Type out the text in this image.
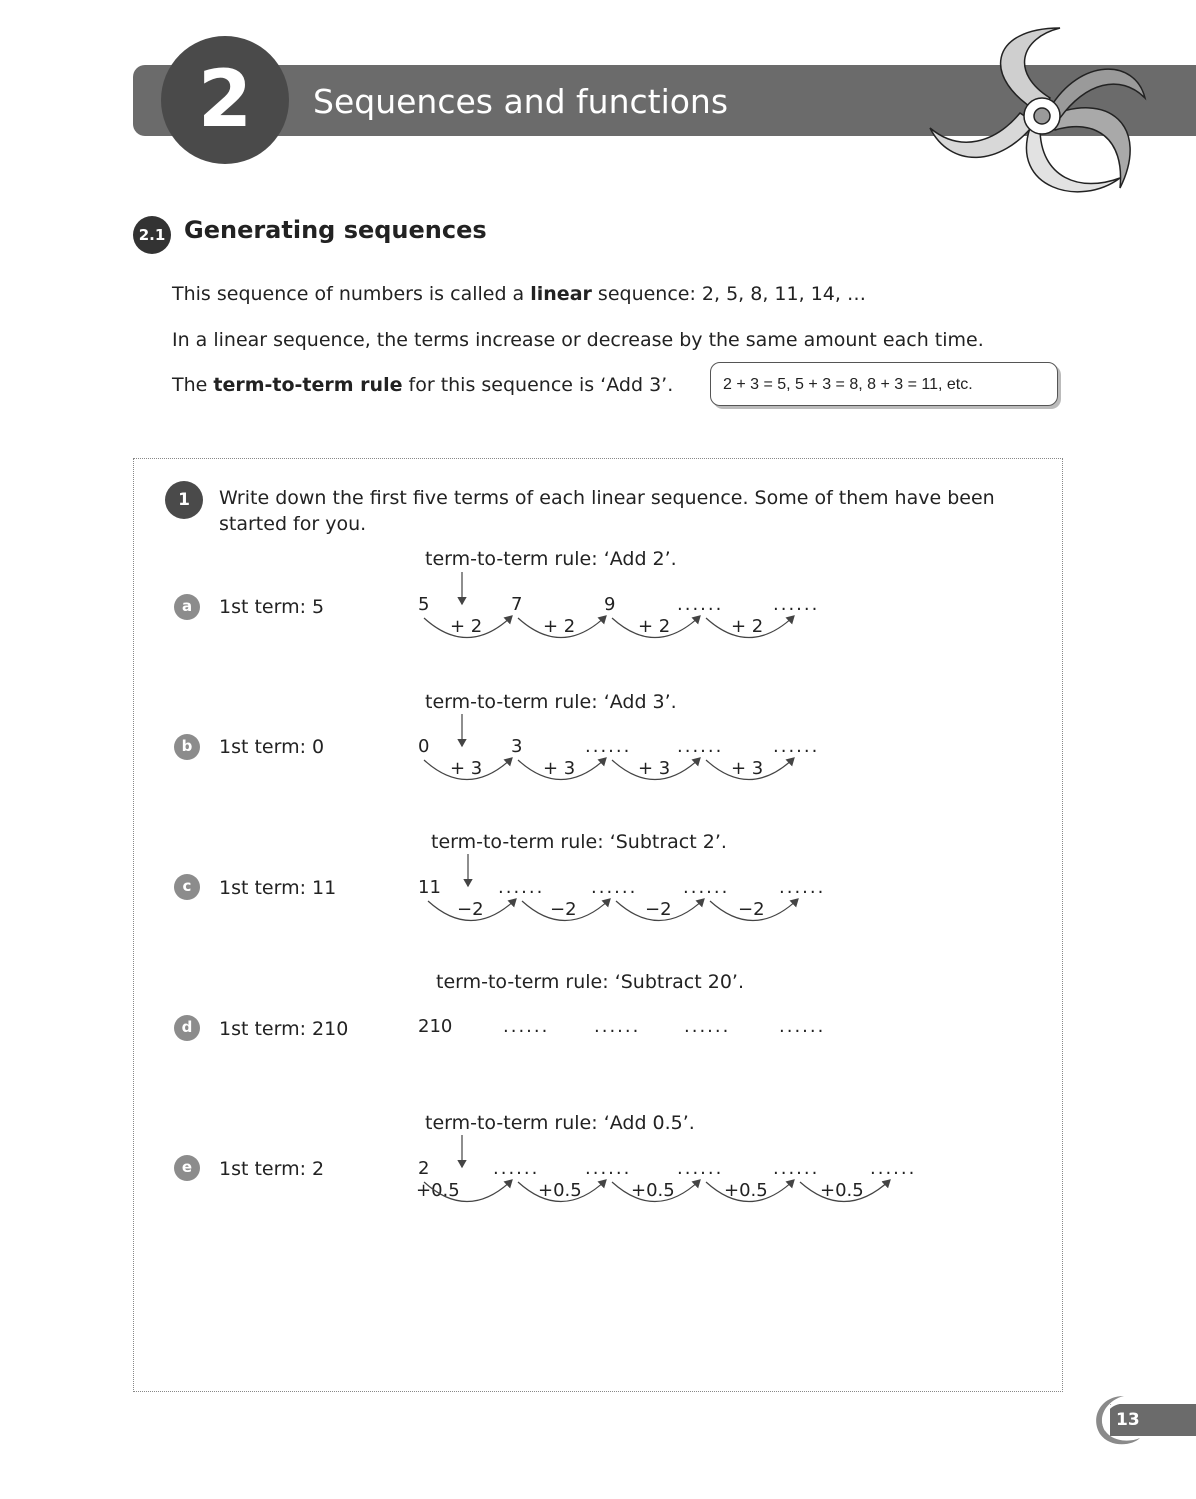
2	Sequences and functions
2.1 Generating sequences

This sequence of numbers is called a linear sequence: 2, 5, 8, 11, 14, …

In a linear sequence, the terms increase or decrease by the same amount each time.

The term-to-term rule for this sequence is ‘Add 3’.	2 + 3 = 5, 5 + 3 = 8, 8 + 3 = 11, etc.
1	Write down the first five terms of each linear sequence. Some of them have been started for you.

a	1st term: 5
term-to-term rule: ‘Add 2’.
5	7	9	......	......
+ 2	+ 2	+ 2	+ 2
b	1st term: 0
term-to-term rule: ‘Add 3’.
0	3	......	......	......
+ 3	+ 3	+ 3	+ 3
c	1st term: 11
term-to-term rule: ‘Subtract 2’.
11	......	......	......	......
−2	−2	−2	−2
d	1st term: 210
term-to-term rule: ‘Subtract 20’.
210	...... ...... ......	......
e	1st term: 2
term-to-term rule: ‘Add 0.5’.
2	......	......	......	......	......
+0.5	+0.5	+0.5	+0.5	+0.5
13
